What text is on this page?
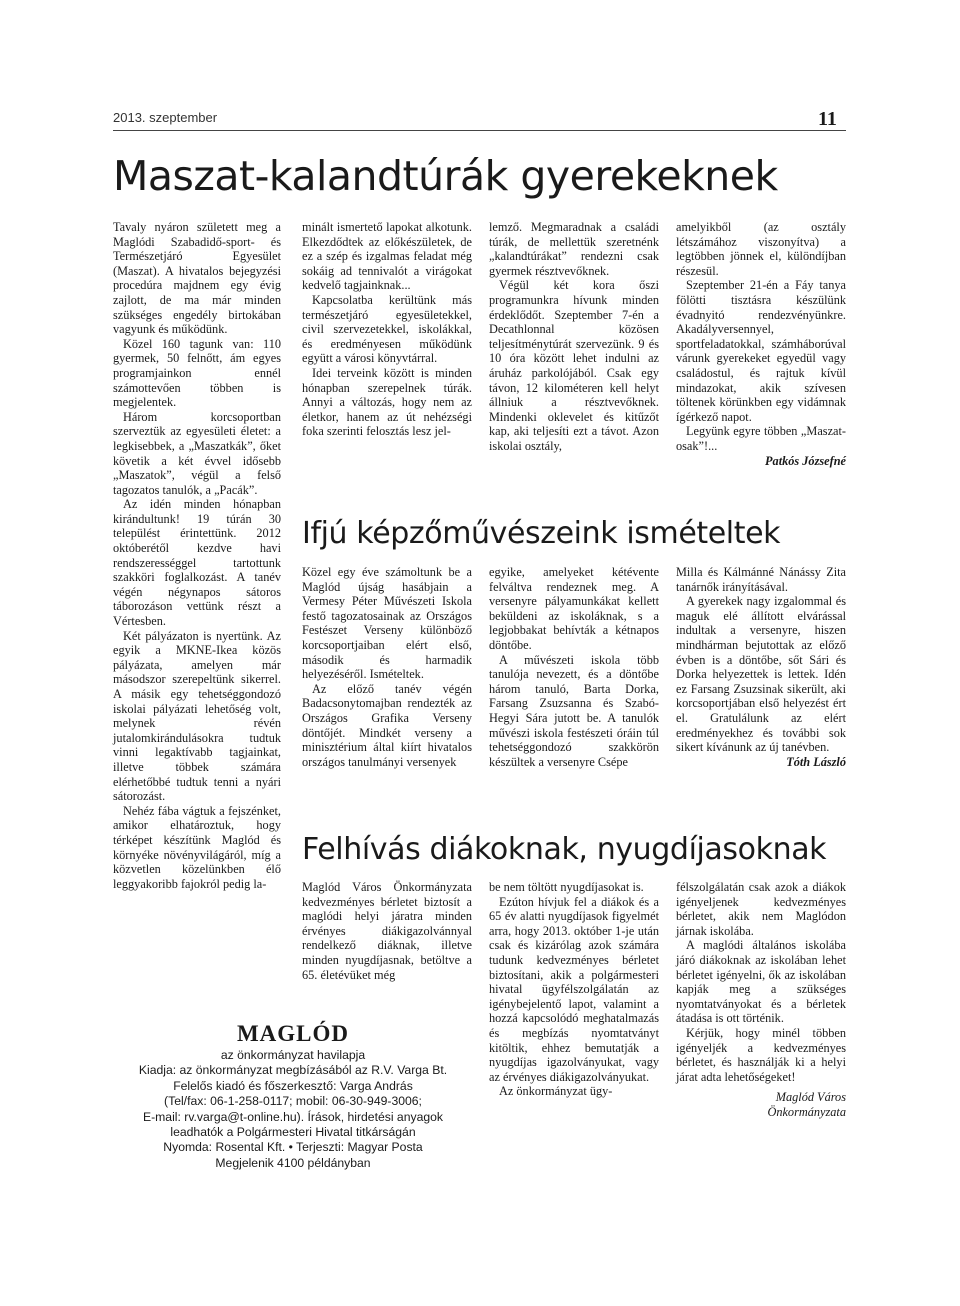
2013. szeptember	11
Maszat-kalandtúrák gyerekeknek

Tavaly nyáron született meg a Maglódi Szabadidő-sport- és Természetjáró Egyesület (Maszat). A hivatalos bejegyzési procedúra majdnem egy évig zajlott, de ma már minden szükséges engedély birtokában vagyunk és működünk.

Közel 160 tagunk van: 110 gyermek, 50 felnőtt, ám egyes programjainkon ennél számottevően többen is megjelentek.

Három korcsoportban szerveztük az egyesületi életet: a legkisebbek, a „Maszatkák”, őket követik a két évvel idősebb „Maszatok”, végül a felső tagozatos tanulók, a „Pacák”.

Az idén minden hónapban kirándultunk! 19 túrán 30 települést érintettünk. 2012 októberétől kezdve havi rendszerességgel tartottunk szakköri foglalkozást. A tanév végén négynapos sátoros táborozáson vettünk részt a Vértesben.

Két pályázaton is nyertünk. Az egyik a MKNE-Ikea közös pályázata, amelyen már másodszor szerepeltünk sikerrel. A másik egy tehetséggondozó iskolai pályázati lehetőség volt, melynek révén jutalomkirándulásokra tudtuk vinni legaktívabb tagjainkat, illetve többek számára elérhetőbbé tudtuk tenni a nyári sátorozást.

Nehéz fába vágtuk a fejszénket, amikor elhatároztuk, hogy térképet készítünk Maglód és környéke növényvilágáról, míg a közvetlen közelünkben élő leggyakoribb fajokról pedig la-

minált ismertető lapokat alkotunk. Elkezdődtek az előkészületek, de ez a szép és izgalmas feladat még sokáig ad tennivalót a virágokat kedvelő tagjainknak...

Kapcsolatba kerültünk más természetjáró egyesületekkel, civil szervezetekkel, iskolákkal, és eredményesen működünk együtt a városi könyvtárral.

Idei terveink között is minden hónapban szerepelnek túrák. Annyi a változás, hogy nem az életkor, hanem az út nehézségi foka szerinti felosztás lesz jel-

lemző. Megmaradnak a családi túrák, de mellettük szeretnénk „kalandtúrákat” rendezni csak gyermek résztvevőknek.

Végül két kora őszi programunkra hívunk minden érdeklődőt. Szeptember 7-én a Decathlonnal közösen teljesítménytúrát szervezünk. 9 és 10 óra között lehet indulni az áruház parkolójából. Csak egy távon, 12 kilométeren kell helyt állniuk a résztvevőknek. Mindenki oklevelet és kitűzőt kap, aki teljesíti ezt a távot. Azon iskolai osztály,

amelyikből (az osztály létszámához viszonyítva) a legtöbben jönnek el, különdíjban részesül.

Szeptember 21-én a Fáy tanya fölötti tisztásra készülünk évadnyitó rendezvényünkre. Akadályversennyel, sportfeladatokkal, számháborúval várunk gyerekeket egyedül vagy családostul, és rajtuk kívül mindazokat, akik szívesen töltenek körünkben egy vidámnak ígérkező napot.

Legyünk egyre többen „Maszat-osak”!...

Patkós Józsefné

Ifjú képzőművészeink ismételtek

Közel egy éve számoltunk be a Maglód újság hasábjain a Vermesy Péter Művészeti Iskola festő tagozatosainak az Országos Festészet Verseny különböző korcsoportjaiban elért első, második és harmadik helyezéséről. Ismételtek.

Az előző tanév végén Badacsonytomajban rendezték az Országos Grafika Verseny döntőjét. Mindkét verseny a minisztérium által kiírt hivatalos országos tanulmányi versenyek

egyike, amelyeket kétévente felváltva rendeznek meg. A versenyre pályamunkákat kellett beküldeni az iskoláknak, s a legjobbakat behívták a kétnapos döntőbe.

A művészeti iskola több tanulója nevezett, és a döntőbe három tanuló, Barta Dorka, Farsang Zsuzsanna és Szabó-Hegyi Sára jutott be. A tanulók művészi iskola festészeti óráin túl tehetséggondozó szakkörön készültek a versenyre Csépe

Milla és Kálmánné Nánássy Zita tanárnők irányításával.

A gyerekek nagy izgalommal és maguk elé állított elvárással indultak a versenyre, hiszen mindhárman bejutottak az előző évben is a döntőbe, sőt Sári és Dorka helyezettek is lettek. Idén ez Farsang Zsuzsinak sikerült, aki korcsoportjában első helyezést ért el. Gratulálunk az elért eredményekhez és további sok sikert kívánunk az új tanévben.

Tóth László

Felhívás diákoknak, nyugdíjasoknak

Maglód Város Önkormányzata kedvezményes bérletet biztosít a maglódi helyi járatra minden érvényes diákigazolvánnyal rendelkező diáknak, illetve minden nyugdíjasnak, betöltve a 65. életévüket még

be nem töltött nyugdíjasokat is.

Ezúton hívjuk fel a diákok és a 65 év alatti nyugdíjasok figyelmét arra, hogy 2013. október 1-je után csak és kizárólag azok számára tudunk kedvezményes bérletet biztosítani, akik a polgármesteri hivatal ügyfélszolgálatán az igénybejelentő lapot, valamint a hozzá kapcsolódó meghatalmazás és megbízás nyomtatványt kitöltik, ehhez bemutatják a nyugdíjas igazolványukat, vagy az érvényes diákigazolványukat.

Az önkormányzat ügy-

félszolgálatán csak azok a diákok igényeljenek kedvezményes bérletet, akik nem Maglódon járnak iskolába.

A maglódi általános iskolába járó diákoknak az iskolában lehet bérletet igényelni, ők az iskolában kapják meg a szükséges nyomtatványokat és a bérletek átadása is ott történik.

Kérjük, hogy minél többen igényeljék a kedvezményes bérletet, és használják ki a helyi járat adta lehetőségeket!

Maglód Város

Önkormányzata

MAGLÓD
az önkormányzat havilapja
Kiadja: az önkormányzat megbízásából az R.V. Varga Bt.
Felelős kiadó és főszerkesztő: Varga András
(Tel/fax: 06-1-258-0117; mobil: 06-30-949-3006;
E-mail: rv.varga@t-online.hu). Írások, hirdetési anyagok
leadhatók a Polgármesteri Hivatal titkárságán
Nyomda: Rosental Kft. • Terjeszti: Magyar Posta
Megjelenik 4100 példányban
